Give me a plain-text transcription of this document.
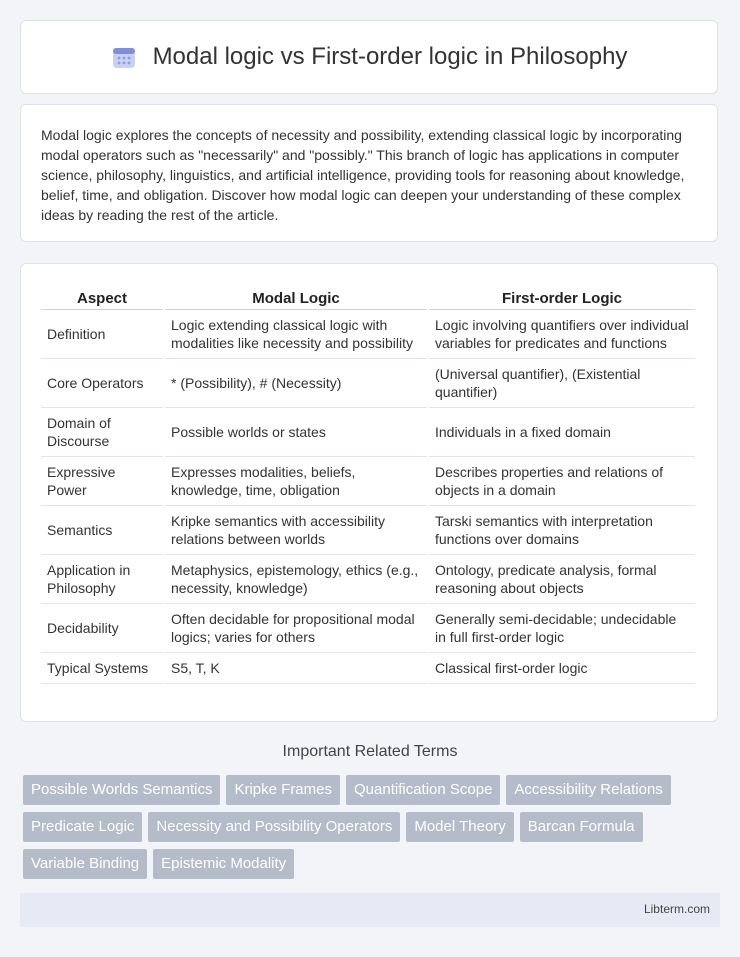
Modal logic vs First-order logic in Philosophy

Modal logic explores the concepts of necessity and possibility, extending classical logic by incorporating modal operators such as "necessarily" and "possibly." This branch of logic has applications in computer science, philosophy, linguistics, and artificial intelligence, providing tools for reasoning about knowledge, belief, time, and obligation. Discover how modal logic can deepen your understanding of these complex ideas by reading the rest of the article.

Aspect	Modal Logic	First-order Logic
Definition	Logic extending classical logic with modalities like necessity and possibility	Logic involving quantifiers over individual variables for predicates and functions
Core Operators	* (Possibility), # (Necessity)	(Universal quantifier), (Existential quantifier)
Domain of Discourse	Possible worlds or states	Individuals in a fixed domain
Expressive Power	Expresses modalities, beliefs, knowledge, time, obligation	Describes properties and relations of objects in a domain
Semantics	Kripke semantics with accessibility relations between worlds	Tarski semantics with interpretation functions over domains
Application in Philosophy	Metaphysics, epistemology, ethics (e.g., necessity, knowledge)	Ontology, predicate analysis, formal reasoning about objects
Decidability	Often decidable for propositional modal logics; varies for others	Generally semi-decidable; undecidable in full first-order logic
Typical Systems	S5, T, K	Classical first-order logic
Important Related Terms
Possible Worlds Semantics	Kripke Frames	Quantification Scope	Accessibility Relations
Predicate Logic	Necessity and Possibility Operators	Model Theory	Barcan Formula
Variable Binding	Epistemic Modality
Libterm.com
